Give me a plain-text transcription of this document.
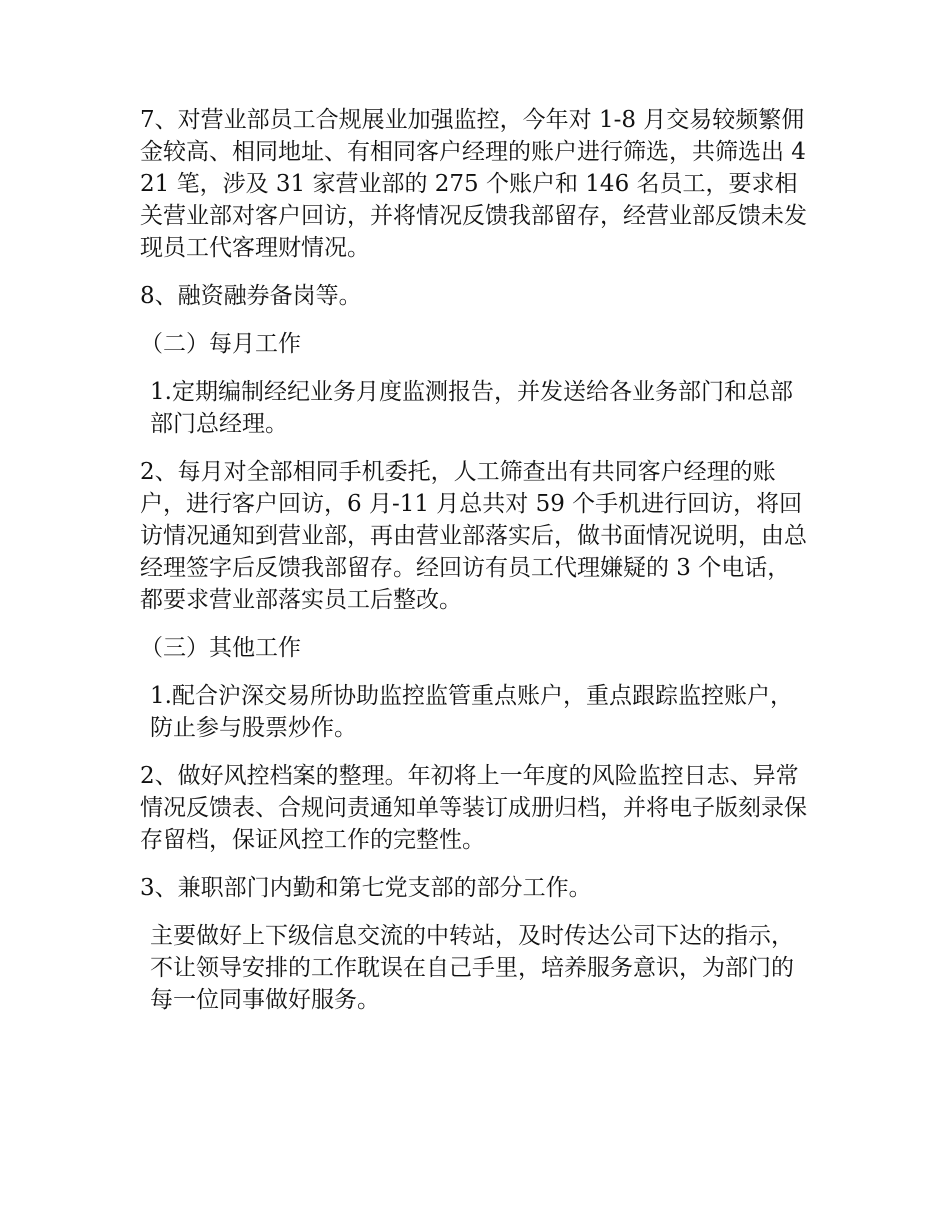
7、对营业部员工合规展业加强监控，今年对 1-8 月交易较频繁佣金较高、相同地址、有相同客户经理的账户进行筛选，共筛选出 421 笔，涉及 31 家营业部的 275 个账户和 146 名员工，要求相关营业部对客户回访，并将情况反馈我部留存，经营业部反馈未发现员工代客理财情况。

8、融资融券备岗等。

（二）每月工作

1.定期编制经纪业务月度监测报告，并发送给各业务部门和总部部门总经理。

2、每月对全部相同手机委托，人工筛查出有共同客户经理的账户，进行客户回访，6 月-11 月总共对 59 个手机进行回访，将回访情况通知到营业部，再由营业部落实后，做书面情况说明，由总经理签字后反馈我部留存。经回访有员工代理嫌疑的 3 个电话，都要求营业部落实员工后整改。

（三）其他工作

1.配合沪深交易所协助监控监管重点账户，重点跟踪监控账户，防止参与股票炒作。

2、做好风控档案的整理。年初将上一年度的风险监控日志、异常情况反馈表、合规问责通知单等装订成册归档，并将电子版刻录保存留档，保证风控工作的完整性。

3、兼职部门内勤和第七党支部的部分工作。

主要做好上下级信息交流的中转站，及时传达公司下达的指示，不让领导安排的工作耽误在自己手里，培养服务意识，为部门的每一位同事做好服务。
